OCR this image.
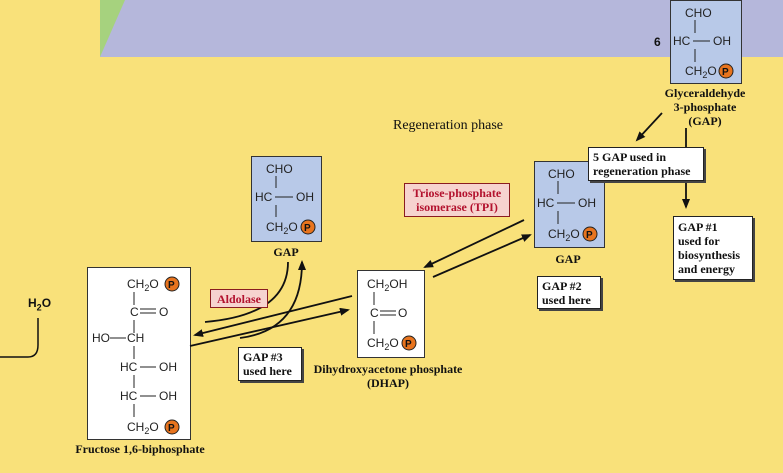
CHO
HC OH
$CH_2O$ P
CHO
HC OH
$CH_2O$ P
CHO
HC OH
$CH_2O$ P
$CH_2OH$
C O
$CH_2O$ P
$CH_2O$ P
C O
HO CH
HC OH
HC OH
$CH_2O$ P
$H_2O$
6
Regeneration phase
Glyceraldehyde
3-phosphate
(GAP)
GAP	GAP
Dihydroxyacetone phosphate
(DHAP)
Fructose 1,6-biphosphate
5 GAP used in
regeneration phase
GAP #1
used for
biosynthesis
and energy
GAP #2
used here
GAP #3
used here
Aldolase
Triose-phosphate
isomerase (TPI)
